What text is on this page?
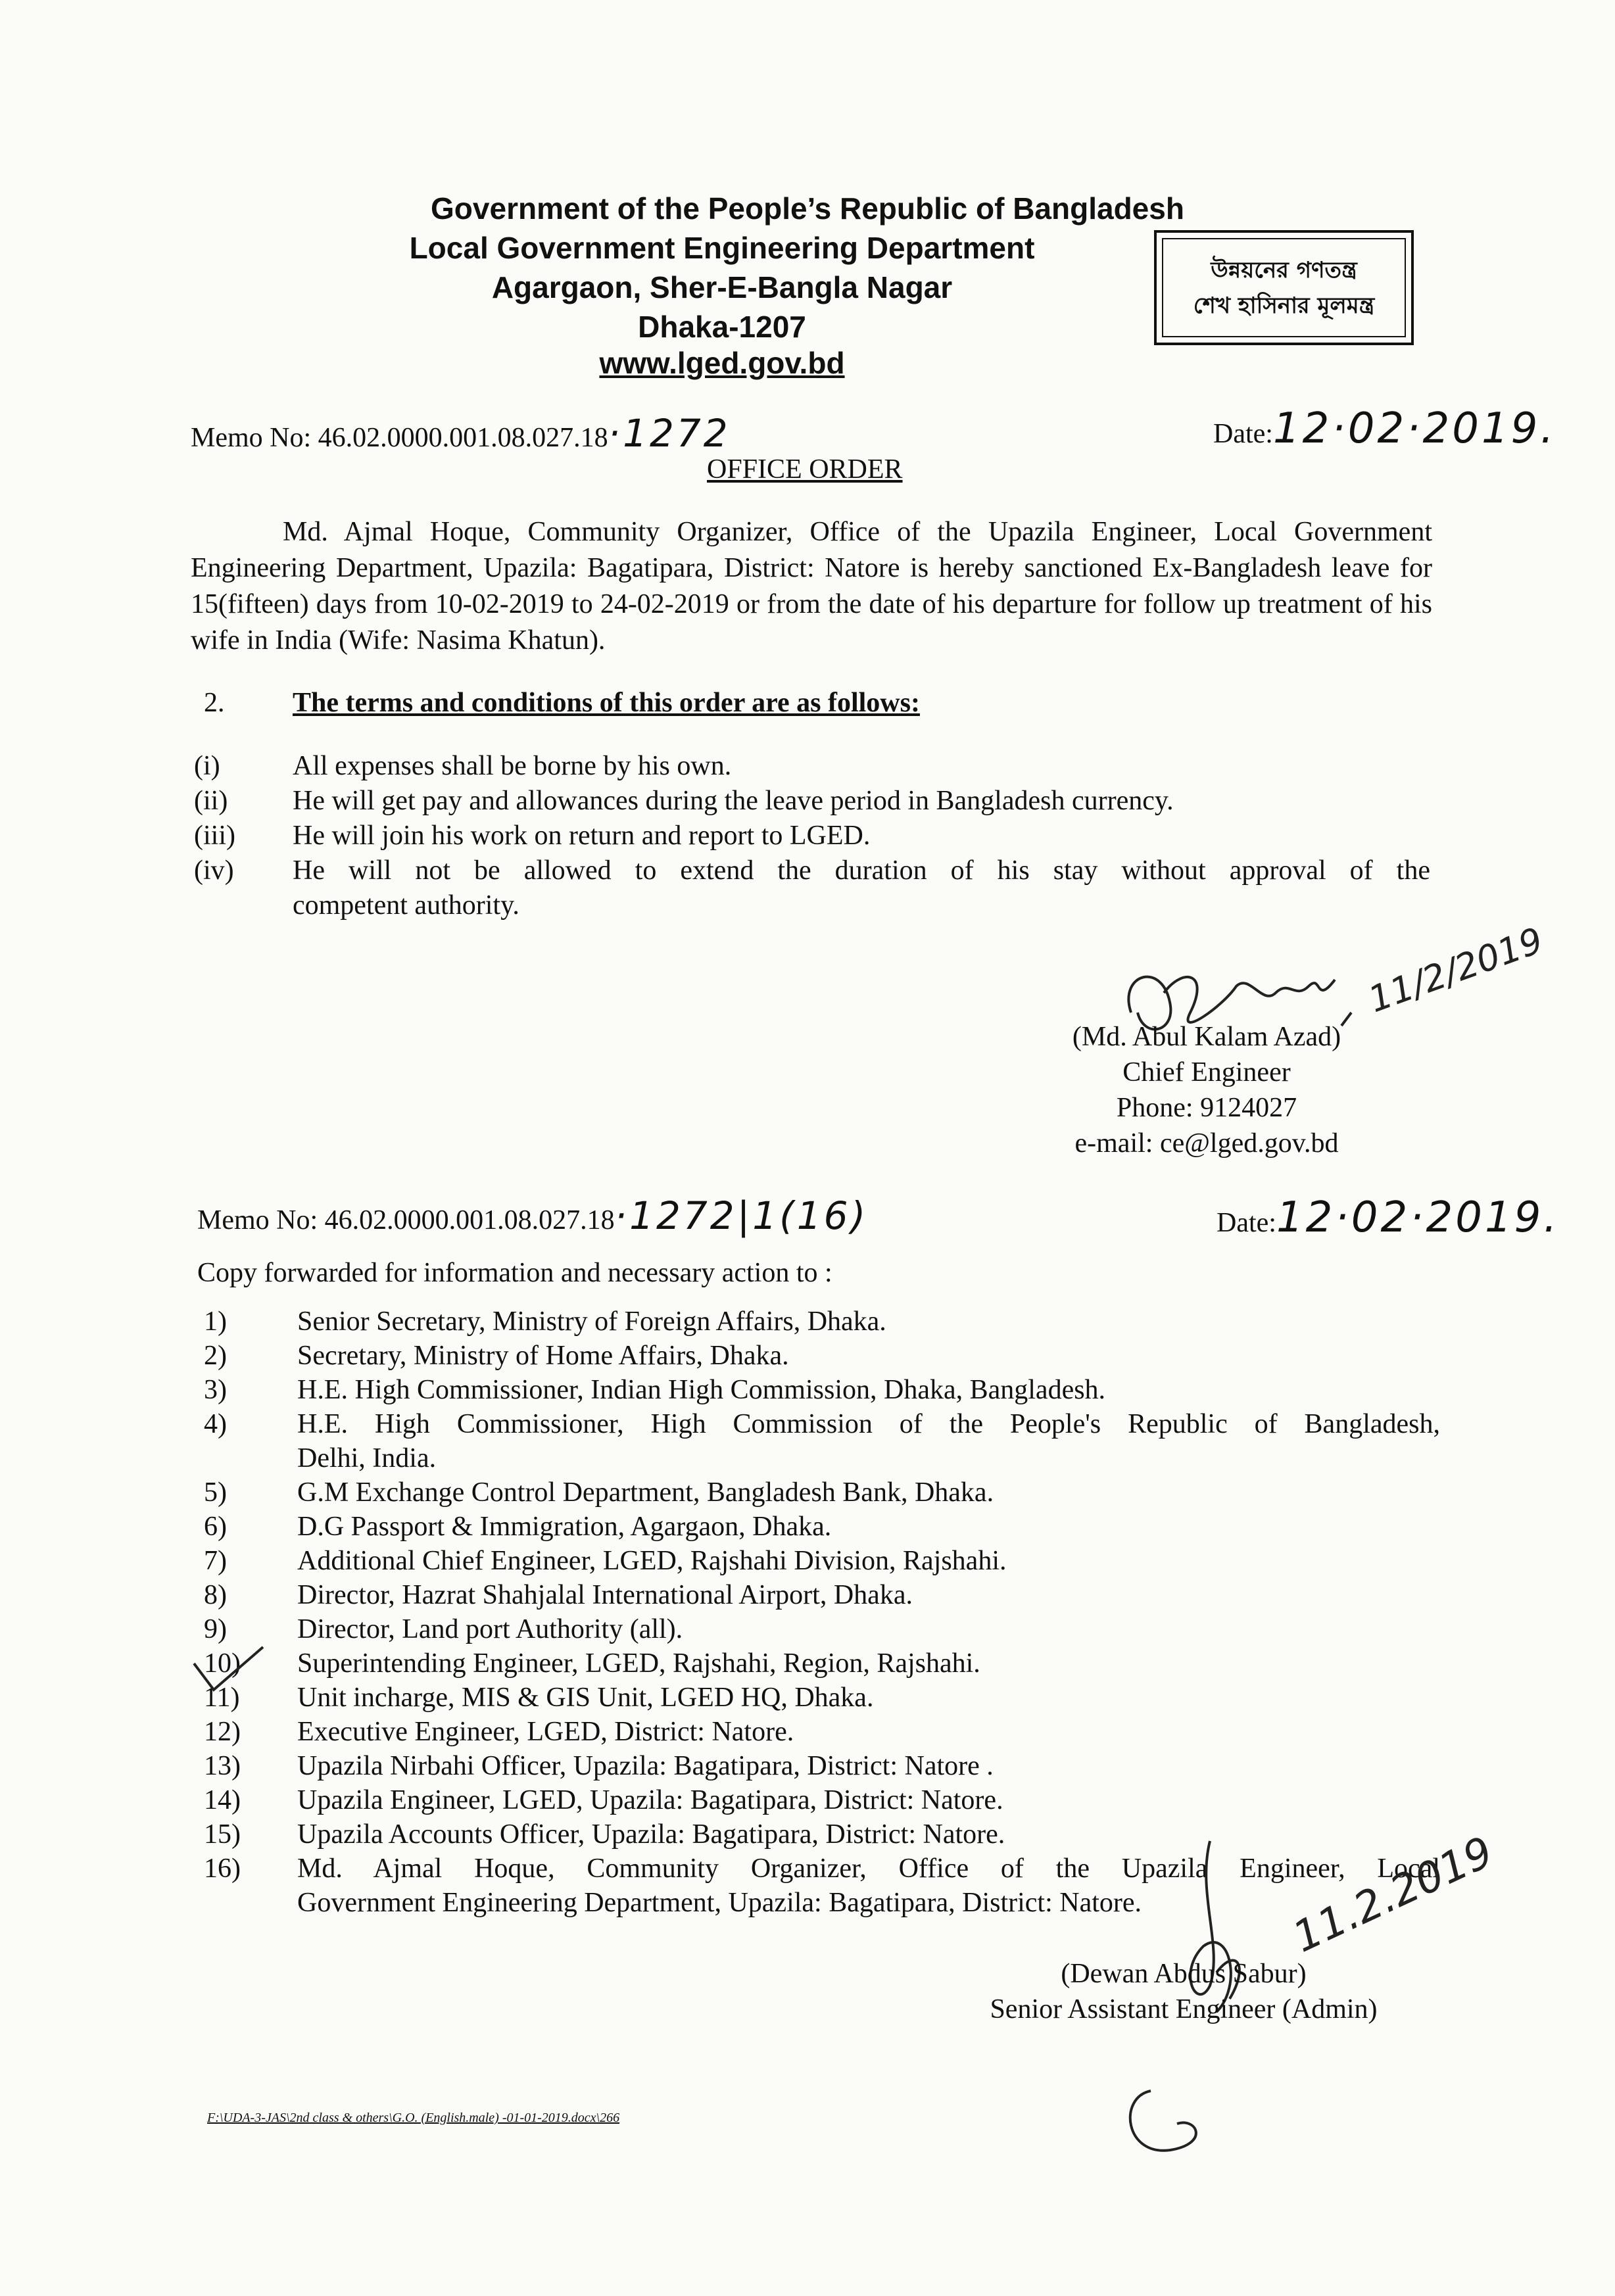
Government of the People’s Republic of Bangladesh
Local Government Engineering Department
Agargaon, Sher-E-Bangla Nagar
Dhaka-1207
www.lged.gov.bd
উন্নয়নের গণতন্ত্র
শেখ হাসিনার মূলমন্ত্র
Memo No: 46.02.0000.001.08.027.18·1272	Date:12·02·2019.
OFFICE ORDER
Md. Ajmal Hoque, Community Organizer, Office of the Upazila Engineer, Local Government Engineering Department, Upazila: Bagatipara, District: Natore is hereby sanctioned Ex-Bangladesh leave for 15(fifteen) days from 10-02-2019 to 24-02-2019 or from the date of his departure for follow up treatment of his wife in India (Wife: Nasima Khatun).
2. The terms and conditions of this order are as follows:
(i)	All expenses shall be borne by his own.
(ii) He will get pay and allowances during the leave period in Bangladesh currency.
(iii) He will join his work on return and report to LGED.
(iv) He will not be allowed to extend the duration of his stay without approval of the
competent authority.
11/2/2019
(Md. Abul Kalam Azad)
Chief Engineer
Phone: 9124027
e-mail: ce@lged.gov.bd
Memo No: 46.02.0000.001.08.027.18·1272|1(16)	Date:12·02·2019.
Copy forwarded for information and necessary action to :
1)	Senior Secretary, Ministry of Foreign Affairs, Dhaka.
2)	Secretary, Ministry of Home Affairs, Dhaka.
3)	H.E. High Commissioner, Indian High Commission, Dhaka, Bangladesh.
4)	H.E. High Commissioner, High Commission of the People's Republic of Bangladesh,
Delhi, India.
5)	G.M Exchange Control Department, Bangladesh Bank, Dhaka.
6)	D.G Passport & Immigration, Agargaon, Dhaka.
7)	Additional Chief Engineer, LGED, Rajshahi Division, Rajshahi.
8)	Director, Hazrat Shahjalal International Airport, Dhaka.
9)	Director, Land port Authority (all).
10) Superintending Engineer, LGED, Rajshahi, Region, Rajshahi.
11) Unit incharge, MIS & GIS Unit, LGED HQ, Dhaka.
12) Executive Engineer, LGED, District: Natore.
13) Upazila Nirbahi Officer, Upazila: Bagatipara, District: Natore .
14) Upazila Engineer, LGED, Upazila: Bagatipara, District: Natore.
15) Upazila Accounts Officer, Upazila: Bagatipara, District: Natore.
16) Md. Ajmal Hoque, Community Organizer, Office of the Upazila Engineer, Local
Government Engineering Department, Upazila: Bagatipara, District: Natore.	11.2.2019
(Dewan Abdus Sabur)
Senior Assistant Engineer (Admin)
F:\UDA-3-JAS\2nd class & others\G.O. (English.male) -01-01-2019.docx\266
